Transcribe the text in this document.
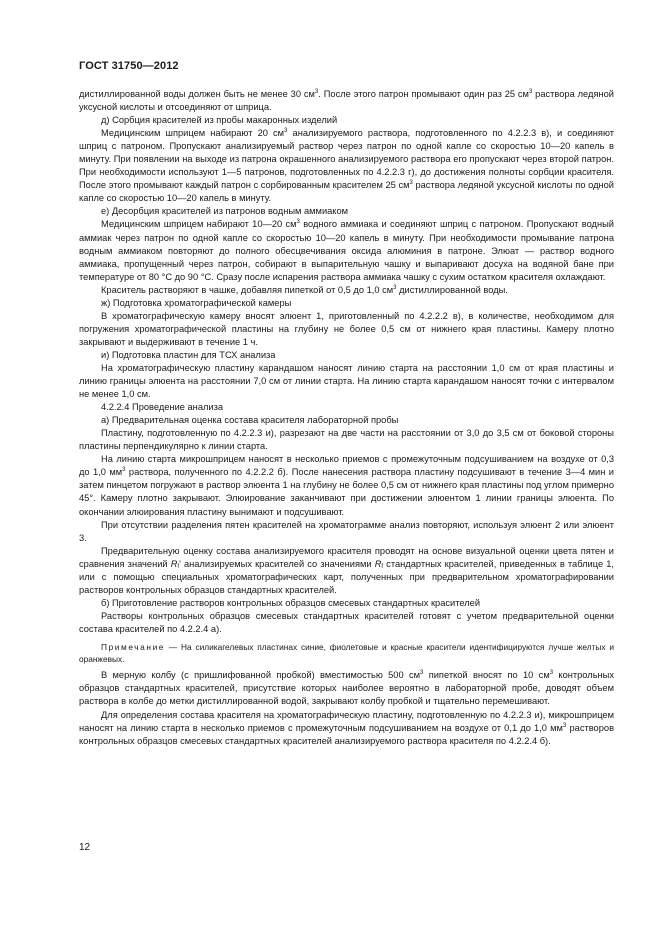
ГОСТ 31750—2012

дистиллированной воды должен быть не менее 30 $см^3$. После этого патрон промывают один раз 25 $см^3$ раствора ледяной уксусной кислоты и отсоединяют от шприца.

д) Сорбция красителей из пробы макаронных изделий

Медицинским шприцем набирают 20 $см^3$ анализируемого раствора, подготовленного по 4.2.2.3 в), и соединяют шприц с патроном. Пропускают анализируемый раствор через патрон по одной капле со скоростью 10—20 капель в минуту. При появлении на выходе из патрона окрашенного анализируемого раствора его пропускают через второй патрон. При необходимости используют 1—5 патронов, подготовленных по 4.2.2.3 г), до достижения полноты сорбции красителя. После этого промывают каждый патрон с сорбированным красителем 25 $см^3$ раствора ледяной уксусной кислоты по одной капле со скоростью 10—20 капель в минуту.

е) Десорбция красителей из патронов водным аммиаком

Медицинским шприцем набирают 10—20 $см^3$ водного аммиака и соединяют шприц с патроном. Пропускают водный аммиак через патрон по одной капле со скоростью 10—20 капель в минуту. При необходимости промывание патрона водным аммиаком повторяют до полного обесцвечивания оксида алюминия в патроне. Элюат — раствор водного аммиака, пропущенный через патрон, собирают в выпарительную чашку и выпаривают досуха на водяной бане при температуре от 80 °С до 90 °С. Сразу после испарения раствора аммиака чашку с сухим остатком красителя охлаждают.

Краситель растворяют в чашке, добавляя пипеткой от 0,5 до 1,0 $см^3$ дистиллированной воды.

ж) Подготовка хроматографической камеры

В хроматографическую камеру вносят элюент 1, приготовленный по 4.2.2.2 в), в количестве, необходимом для погружения хроматографической пластины на глубину не более 0,5 см от нижнего края пластины. Камеру плотно закрывают и выдерживают в течение 1 ч.

и) Подготовка пластин для ТСХ анализа

На хроматографическую пластину карандашом наносят линию старта на расстоянии 1,0 см от края пластины и линию границы элюента на расстоянии 7,0 см от линии старта. На линию старта карандашом наносят точки с интервалом не менее 1,0 см.

4.2.2.4 Проведение анализа

а) Предварительная оценка состава красителя лабораторной пробы

Пластину, подготовленную по 4.2.2.3 и), разрезают на две части на расстоянии от 3,0 до 3,5 см от боковой стороны пластины перпендикулярно к линии старта.

На линию старта микрошприцем наносят в несколько приемов с промежуточным подсушиванием на воздухе от 0,3 до 1,0 $мм^3$ раствора, полученного по 4.2.2.2 б). После нанесения раствора пластину подсушивают в течение 3—4 мин и затем пинцетом погружают в раствор элюента 1 на глубину не более 0,5 см от нижнего края пластины под углом примерно 45°. Камеру плотно закрывают. Элюирование заканчивают при достижении элюентом 1 линии границы элюента. По окончании элюирования пластину вынимают и подсушивают.

При отсутствии разделения пятен красителей на хроматограмме анализ повторяют, используя элюент 2 или элюент 3.

Предварительную оценку состава анализируемого красителя проводят на основе визуальной оценки цвета пятен и сравнения значений $R_f'$ анализируемых красителей со значениями $R_f$ стандартных красителей, приведенных в таблице 1, или с помощью специальных хроматографических карт, полученных при предварительном хроматографировании растворов контрольных образцов стандартных красителей.

б) Приготовление растворов контрольных образцов смесевых стандартных красителей

Растворы контрольных образцов смесевых стандартных красителей готовят с учетом предварительной оценки состава красителей по 4.2.2.4 а).

Примечание — На силикагелевых пластинах синие, фиолетовые и красные красители идентифицируются лучше желтых и оранжевых.

В мерную колбу (с пришлифованной пробкой) вместимостью 500 $см^3$ пипеткой вносят по 10 $см^3$ контрольных образцов стандартных красителей, присутствие которых наиболее вероятно в лабораторной пробе, доводят объем раствора в колбе до метки дистиллированной водой, закрывают колбу пробкой и тщательно перемешивают.

Для определения состава красителя на хроматографическую пластину, подготовленную по 4.2.2.3 и), микрошприцем наносят на линию старта в несколько приемов с промежуточным подсушиванием на воздухе от 0,1 до 1,0 $мм^3$ растворов контрольных образцов смесевых стандартных красителей анализируемого раствора красителя по 4.2.2.4 б).

12
